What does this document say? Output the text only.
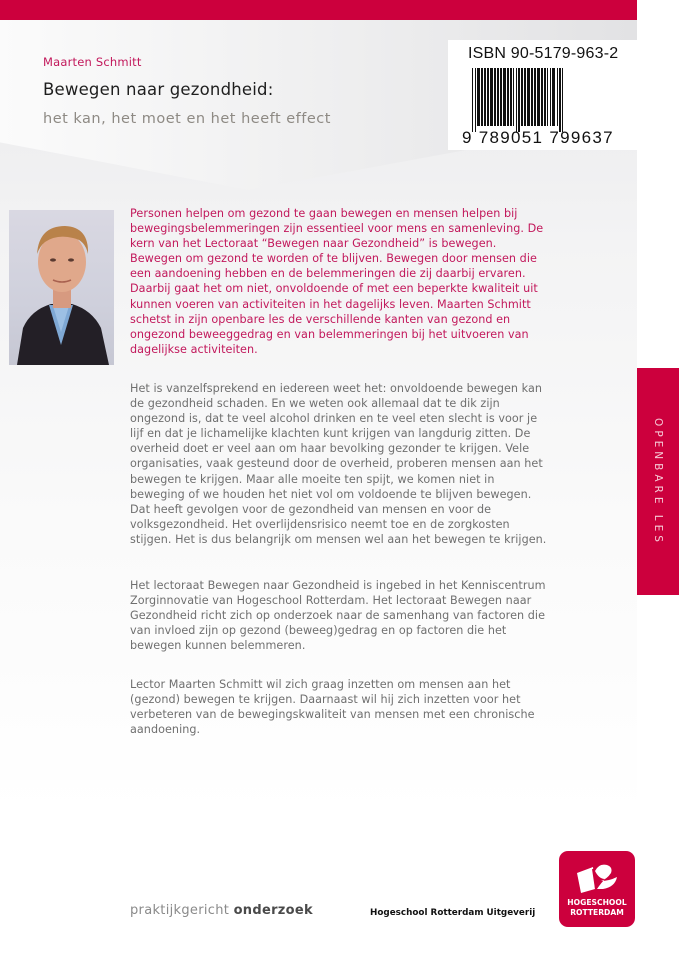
Maarten Schmitt
Bewegen naar gezondheid:
het kan, het moet en het heeft effect
ISBN 90-5179-963-2
9 789051 799637
Personen helpen om gezond te gaan bewegen en mensen helpen bij bewegingsbelemmeringen zijn essentieel voor mens en samenleving. De kern van het Lectoraat “Bewegen naar Gezondheid” is bewegen. Bewegen om gezond te worden of te blijven. Bewegen door mensen die een aandoening hebben en de belemmeringen die zij daarbij ervaren. Daarbij gaat het om niet, onvoldoende of met een beperkte kwaliteit uit kunnen voeren van activiteiten in het dagelijks leven. Maarten Schmitt schetst in zijn openbare les de verschillende kanten van gezond en ongezond beweeggedrag en van belemmeringen bij het uitvoeren van dagelijkse activiteiten.
Het is vanzelfsprekend en iedereen weet het: onvoldoende bewegen kan de gezondheid schaden. En we weten ook allemaal dat te dik zijn ongezond is, dat te veel alcohol drinken en te veel eten slecht is voor je lijf en dat je lichamelijke klachten kunt krijgen van langdurig zitten. De overheid doet er veel aan om haar bevolking gezonder te krijgen. Vele organisaties, vaak gesteund door de overheid, proberen mensen aan het bewegen te krijgen. Maar alle moeite ten spijt, we komen niet in beweging of we houden het niet vol om voldoende te blijven bewegen. Dat heeft gevolgen voor de gezondheid van mensen en voor de volksgezondheid. Het overlijdensrisico neemt toe en de zorgkosten stijgen. Het is dus belangrijk om mensen wel aan het bewegen te krijgen.
Het lectoraat Bewegen naar Gezondheid is ingebed in het Kenniscentrum Zorginnovatie van Hogeschool Rotterdam. Het lectoraat Bewegen naar Gezondheid richt zich op onderzoek naar de samenhang van factoren die van invloed zijn op gezond (beweeg)gedrag en op factoren die het bewegen kunnen belemmeren.
Lector Maarten Schmitt wil zich graag inzetten om mensen aan het (gezond) bewegen te krijgen. Daarnaast wil hij zich inzetten voor het verbeteren van de bewegingskwaliteit van mensen met een chronische aandoening.
OPENBARE LES
praktijkgericht onderzoek	Hogeschool Rotterdam Uitgeverij
HOGESCHOOL
ROTTERDAM
